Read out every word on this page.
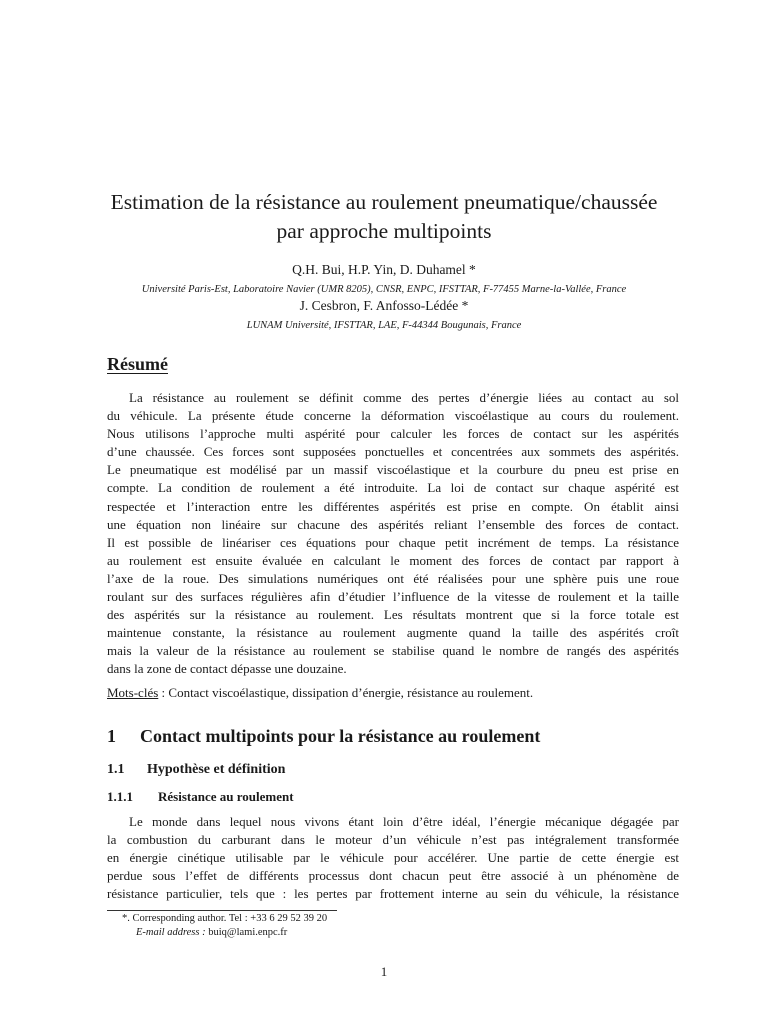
Estimation de la résistance au roulement pneumatique/chaussée
par approche multipoints
Q.H. Bui, H.P. Yin, D. Duhamel *
Université Paris-Est, Laboratoire Navier (UMR 8205), CNSR, ENPC, IFSTTAR, F-77455 Marne-la-Vallée, France
J. Cesbron, F. Anfosso-Lédée *
LUNAM Université, IFSTTAR, LAE, F-44344 Bougunais, France
Résumé
La résistance au roulement se définit comme des pertes d’énergie liées au contact au sol
du véhicule. La présente étude concerne la déformation viscoélastique au cours du roulement.
Nous utilisons l’approche multi aspérité pour calculer les forces de contact sur les aspérités
d’une chaussée. Ces forces sont supposées ponctuelles et concentrées aux sommets des aspérités.
Le pneumatique est modélisé par un massif viscoélastique et la courbure du pneu est prise en
compte. La condition de roulement a été introduite. La loi de contact sur chaque aspérité est
respectée et l’interaction entre les différentes aspérités est prise en compte. On établit ainsi
une équation non linéaire sur chacune des aspérités reliant l’ensemble des forces de contact.
Il est possible de linéariser ces équations pour chaque petit incrément de temps. La résistance
au roulement est ensuite évaluée en calculant le moment des forces de contact par rapport à
l’axe de la roue. Des simulations numériques ont été réalisées pour une sphère puis une roue
roulant sur des surfaces régulières afin d’étudier l’influence de la vitesse de roulement et la taille
des aspérités sur la résistance au roulement. Les résultats montrent que si la force totale est
maintenue constante, la résistance au roulement augmente quand la taille des aspérités croît
mais la valeur de la résistance au roulement se stabilise quand le nombre de rangés des aspérités
dans la zone de contact dépasse une douzaine.
Mots-clés : Contact viscoélastique, dissipation d’énergie, résistance au roulement.
1 Contact multipoints pour la résistance au roulement
1.1 Hypothèse et définition
1.1.1 Résistance au roulement
Le monde dans lequel nous vivons étant loin d’être idéal, l’énergie mécanique dégagée par
la combustion du carburant dans le moteur d’un véhicule n’est pas intégralement transformée
en énergie cinétique utilisable par le véhicule pour accélérer. Une partie de cette énergie est
perdue sous l’effet de différents processus dont chacun peut être associé à un phénomène de
résistance particulier, tels que : les pertes par frottement interne au sein du véhicule, la résistance
*. Corresponding author. Tel : +33 6 29 52 39 20
E-mail address : buiq@lami.enpc.fr
1
